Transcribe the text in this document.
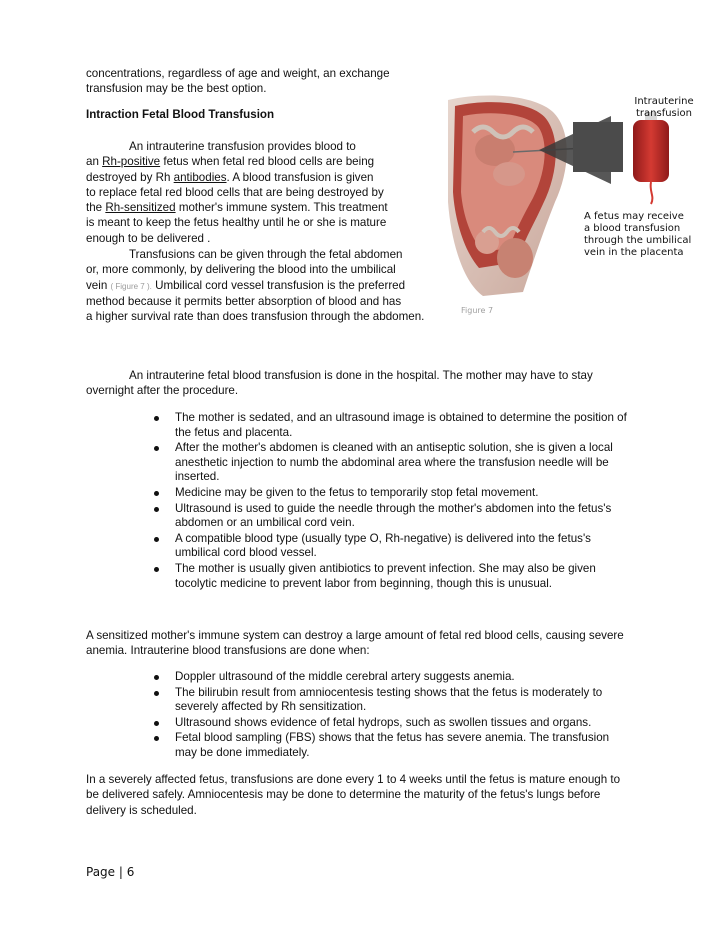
concentrations, regardless of age and weight, an exchange
transfusion may be the best option.
Intraction Fetal Blood Transfusion
An intrauterine transfusion provides blood to
an Rh-positive fetus when fetal red blood cells are being
destroyed by Rh antibodies. A blood transfusion is given
to replace fetal red blood cells that are being destroyed by
the Rh-sensitized mother's immune system. This treatment
is meant to keep the fetus healthy until he or she is mature
enough to be delivered .
Transfusions can be given through the fetal abdomen
or, more commonly, by delivering the blood into the umbilical
vein ( Figure 7 ). Umbilical cord vessel transfusion is the preferred
method because it permits better absorption of blood and has
a higher survival rate than does transfusion through the abdomen.
Intrauterine
transfusion
A fetus may receive
a blood transfusion
through the umbilical
vein in the placenta
Figure 7
An intrauterine fetal blood transfusion is done in the hospital. The mother may have to stay
overnight after the procedure.
The mother is sedated, and an ultrasound image is obtained to determine the position of
the fetus and placenta.
After the mother's abdomen is cleaned with an antiseptic solution, she is given a local
anesthetic injection to numb the abdominal area where the transfusion needle will be
inserted.
Medicine may be given to the fetus to temporarily stop fetal movement.
Ultrasound is used to guide the needle through the mother's abdomen into the fetus's
abdomen or an umbilical cord vein.
A compatible blood type (usually type O, Rh-negative) is delivered into the fetus's
umbilical cord blood vessel.
The mother is usually given antibiotics to prevent infection. She may also be given
tocolytic medicine to prevent labor from beginning, though this is unusual.
A sensitized mother's immune system can destroy a large amount of fetal red blood cells, causing severe
anemia. Intrauterine blood transfusions are done when:
Doppler ultrasound of the middle cerebral artery suggests anemia.
The bilirubin result from amniocentesis testing shows that the fetus is moderately to
severely affected by Rh sensitization.
Ultrasound shows evidence of fetal hydrops, such as swollen tissues and organs.
Fetal blood sampling (FBS) shows that the fetus has severe anemia. The transfusion
may be done immediately.
In a severely affected fetus, transfusions are done every 1 to 4 weeks until the fetus is mature enough to
be delivered safely. Amniocentesis may be done to determine the maturity of the fetus's lungs before
delivery is scheduled.
Page | 6
